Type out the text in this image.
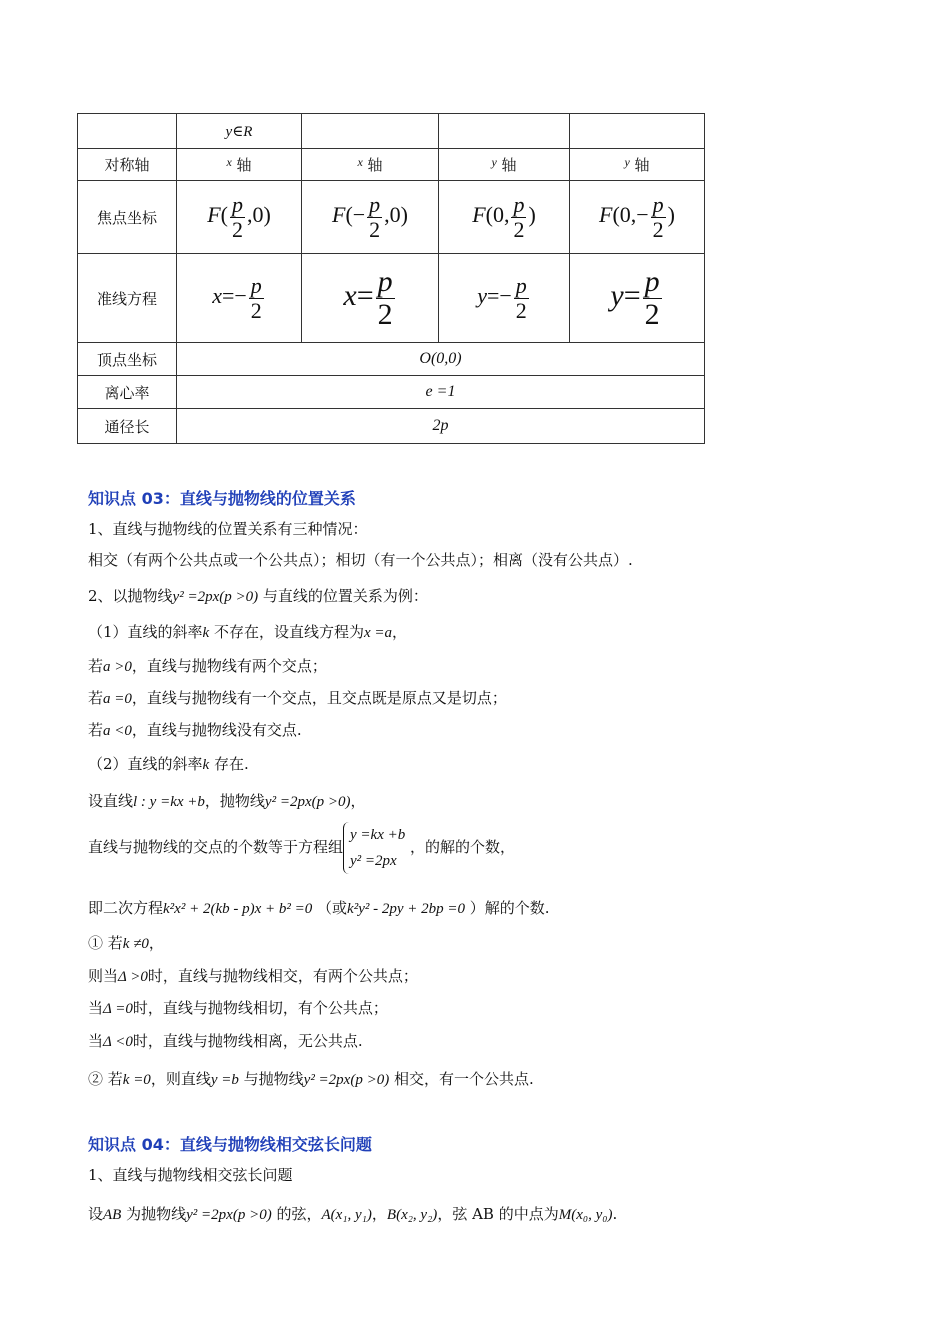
	y∈R			
对称轴	$^x$ 轴	$^x$ 轴	$^y$ 轴	$^y$ 轴
焦点坐标	$F( \frac{p}{2} ,0)$	$F(- \frac{p}{2} ,0)$	F(0, $\frac{p}{2}$ )	$F(0,- \frac{p}{2}$ )
准线方程	$x=- \frac{p}{2}$	$x= \frac{p}{2}$	$y=- \frac{p}{2}$	$y= \frac{p}{2}$

顶点坐标	O(0,0)			
离心率	e =1			
通径长	2p			
知识点 03：直线与抛物线的位置关系
1、直线与抛物线的位置关系有三种情况：
相交（有两个公共点或一个公共点）；相切（有一个公共点）；相离（没有公共点）.
2、以抛物线y² =2px(p >0) 与直线的位置关系为例：
（1）直线的斜率k 不存在，设直线方程为x =a，
若a >0，直线与抛物线有两个交点；
若a =0，直线与抛物线有一个交点，且交点既是原点又是切点；
若a <0，直线与抛物线没有交点.
（2）直线的斜率k 存在.
设直线l : y =kx +b，抛物线y² =2px(p >0)，
直线与抛物线的交点的个数等于方程组
y =kx +b
y² =2px
，的解的个数，
即二次方程k²x² + 2(kb - p)x + b² =0 （或k²y² - 2py + 2bp =0 ）解的个数.
① 若k ≠0，
则当Δ >0时，直线与抛物线相交，有两个公共点；
当Δ =0时，直线与抛物线相切，有个公共点；
当Δ <0时，直线与抛物线相离，无公共点.
② 若k =0，则直线y =b 与抛物线y² =2px(p >0) 相交，有一个公共点.
知识点 04：直线与抛物线相交弦长问题
1、直线与抛物线相交弦长问题
设AB 为抛物线y² =2px(p >0) 的弦，A(x₁, y₁)，B(x₂, y₂)，弦 AB 的中点为M(x₀, y₀).
